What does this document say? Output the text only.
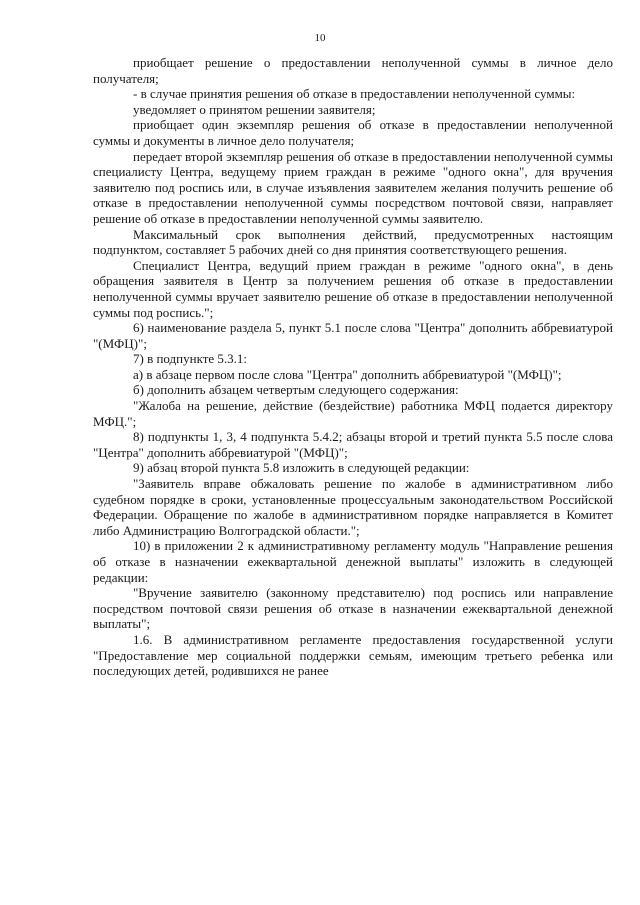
10

приобщает решение о предоставлении неполученной суммы в личное дело получателя;

- в случае принятия решения об отказе в предоставлении неполученной суммы:

уведомляет о принятом решении заявителя;

приобщает один экземпляр решения об отказе в предоставлении неполученной суммы и документы в личное дело получателя;

передает второй экземпляр решения об отказе в предоставлении неполученной суммы специалисту Центра, ведущему прием граждан в режиме "одного окна", для вручения заявителю под роспись или, в случае изъявления заявителем желания получить решение об отказе в предоставлении неполученной суммы посредством почтовой связи, направляет решение об отказе в предоставлении неполученной суммы заявителю.

Максимальный срок выполнения действий, предусмотренных настоящим подпунктом, составляет 5 рабочих дней со дня принятия соответствующего решения.

Специалист Центра, ведущий прием граждан в режиме "одного окна", в день обращения заявителя в Центр за получением решения об отказе в предоставлении неполученной суммы вручает заявителю решение об отказе в предоставлении неполученной суммы под роспись.";

6) наименование раздела 5, пункт 5.1 после слова "Центра" дополнить аббревиатурой "(МФЦ)";

7) в подпункте 5.3.1:

а) в абзаце первом после слова "Центра" дополнить аббревиатурой "(МФЦ)";

б) дополнить абзацем четвертым следующего содержания:

"Жалоба на решение, действие (бездействие) работника МФЦ подается директору МФЦ.";

8) подпункты 1, 3, 4 подпункта 5.4.2; абзацы второй и третий пункта 5.5 после слова "Центра" дополнить аббревиатурой "(МФЦ)";

9) абзац второй пункта 5.8 изложить в следующей редакции:

"Заявитель вправе обжаловать решение по жалобе в административном либо судебном порядке в сроки, установленные процессуальным законодательством Российской Федерации. Обращение по жалобе в административном порядке направляется в Комитет либо Администрацию Волгоградской области.";

10) в приложении 2 к административному регламенту модуль "Направление решения об отказе в назначении ежеквартальной денежной выплаты" изложить в следующей редакции:

"Вручение заявителю (законному представителю) под роспись или направление посредством почтовой связи решения об отказе в назначении ежеквартальной денежной выплаты";

1.6. В административном регламенте предоставления государственной услуги "Предоставление мер социальной поддержки семьям, имеющим третьего ребенка или последующих детей, родившихся не ранее
